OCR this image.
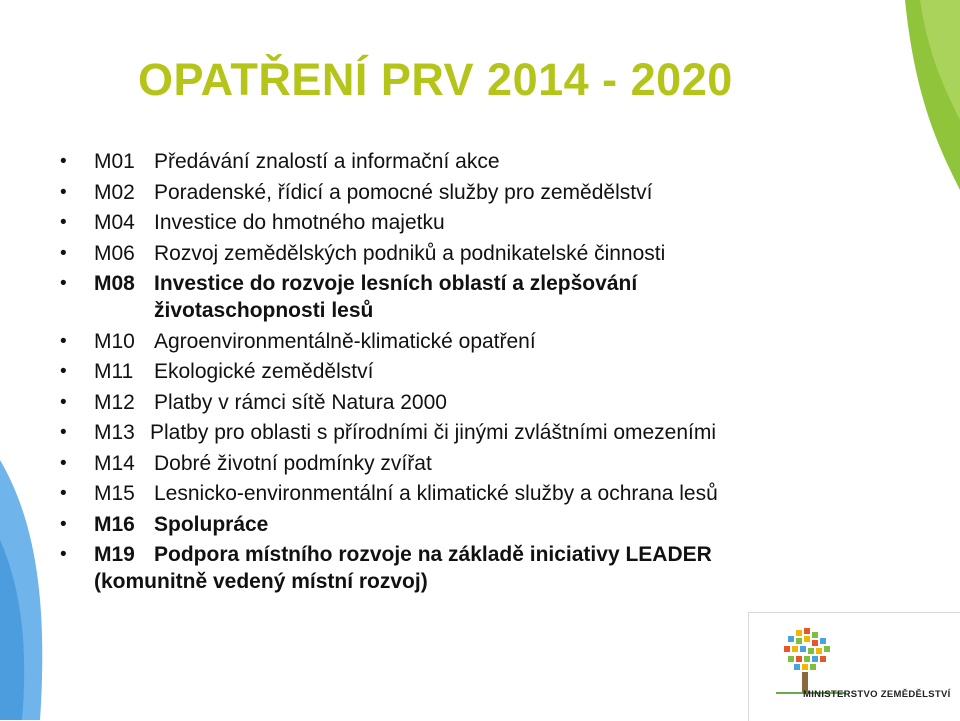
OPATŘENÍ PRV 2014 - 2020
•	M01 Předávání znalostí a informační akce
•	M02 Poradenské, řídicí a pomocné služby pro zemědělství
•	M04 Investice do hmotného majetku
•	M06 Rozvoj zemědělských podniků a podnikatelské činnosti
•	M08 Investice do rozvoje lesních oblastí a zlepšování životaschopnosti lesů
•	M10 Agroenvironmentálně-klimatické opatření
•	M11 Ekologické zemědělství
•	M12 Platby v rámci sítě Natura 2000
•	M13 Platby pro oblasti s přírodními či jinými zvláštními omezeními
•	M14 Dobré životní podmínky zvířat
•	M15 Lesnicko-environmentální a klimatické služby a ochrana lesů
•	M16 Spolupráce
•	M19 Podpora místního rozvoje na základě iniciativy LEADER
(komunitně vedený místní rozvoj)
MINISTERSTVO ZEMĚDĚLSTVÍ
